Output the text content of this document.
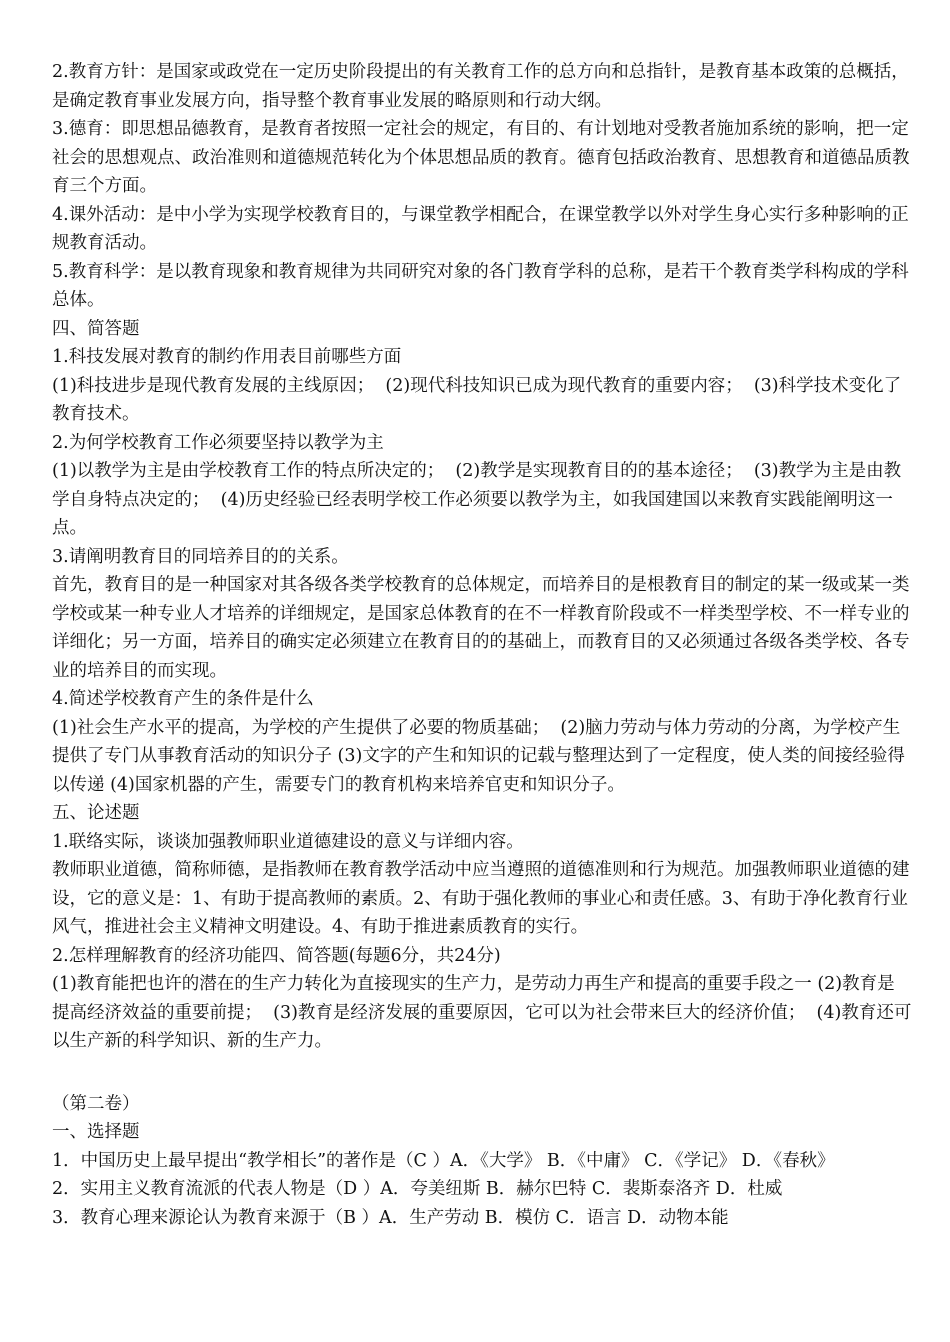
2.教育方针：是国家或政党在一定历史阶段提出的有关教育工作的总方向和总指针，是教育基本政策的总概括，是确定教育事业发展方向，指导整个教育事业发展的略原则和行动大纲。
3.德育：即思想品德教育，是教育者按照一定社会的规定，有目的、有计划地对受教者施加系统的影响，把一定社会的思想观点、政治准则和道德规范转化为个体思想品质的教育。德育包括政治教育、思想教育和道德品质教育三个方面。
4.课外活动：是中小学为实现学校教育目的，与课堂教学相配合，在课堂教学以外对学生身心实行多种影响的正规教育活动。
5.教育科学：是以教育现象和教育规律为共同研究对象的各门教育学科的总称，是若干个教育类学科构成的学科总体。
四、简答题
1.科技发展对教育的制约作用表目前哪些方面
(1)科技进步是现代教育发展的主线原因；  (2)现代科技知识已成为现代教育的重要内容；  (3)科学技术变化了教育技术。
2.为何学校教育工作必须要坚持以教学为主
(1)以教学为主是由学校教育工作的特点所决定的；  (2)教学是实现教育目的的基本途径；  (3)教学为主是由教学自身特点决定的；  (4)历史经验已经表明学校工作必须要以教学为主，如我国建国以来教育实践能阐明这一点。
3.请阐明教育目的同培养目的的关系。
首先，教育目的是一种国家对其各级各类学校教育的总体规定，而培养目的是根教育目的制定的某一级或某一类学校或某一种专业人才培养的详细规定，是国家总体教育的在不一样教育阶段或不一样类型学校、不一样专业的详细化；另一方面，培养目的确实定必须建立在教育目的的基础上，而教育目的又必须通过各级各类学校、各专业的培养目的而实现。
4.简述学校教育产生的条件是什么
(1)社会生产水平的提高，为学校的产生提供了必要的物质基础；  (2)脑力劳动与体力劳动的分离，为学校产生提供了专门从事教育活动的知识分子 (3)文字的产生和知识的记载与整理达到了一定程度，使人类的间接经验得以传递 (4)国家机器的产生，需要专门的教育机构来培养官吏和知识分子。
五、论述题
1.联络实际，谈谈加强教师职业道德建设的意义与详细内容。
教师职业道德，简称师德，是指教师在教育教学活动中应当遵照的道德准则和行为规范。加强教师职业道德的建设，它的意义是：1、有助于提高教师的素质。2、有助于强化教师的事业心和责任感。3、有助于净化教育行业风气，推进社会主义精神文明建设。4、有助于推进素质教育的实行。
2.怎样理解教育的经济功能四、简答题(每题6分，共24分)
(1)教育能把也许的潜在的生产力转化为直接现实的生产力，是劳动力再生产和提高的重要手段之一 (2)教育是提高经济效益的重要前提；  (3)教育是经济发展的重要原因，它可以为社会带来巨大的经济价值；  (4)教育还可以生产新的科学知识、新的生产力。
（第二卷）
一、选择题
1．中国历史上最早提出“教学相长”的著作是（C ）A．《大学》 B．《中庸》 C．《学记》 D．《春秋》
2．实用主义教育流派的代表人物是（D ）A．夸美纽斯 B．赫尔巴特 C．裴斯泰洛齐 D．杜威
3．教育心理来源论认为教育来源于（B ）A．生产劳动 B．模仿 C．语言 D．动物本能
